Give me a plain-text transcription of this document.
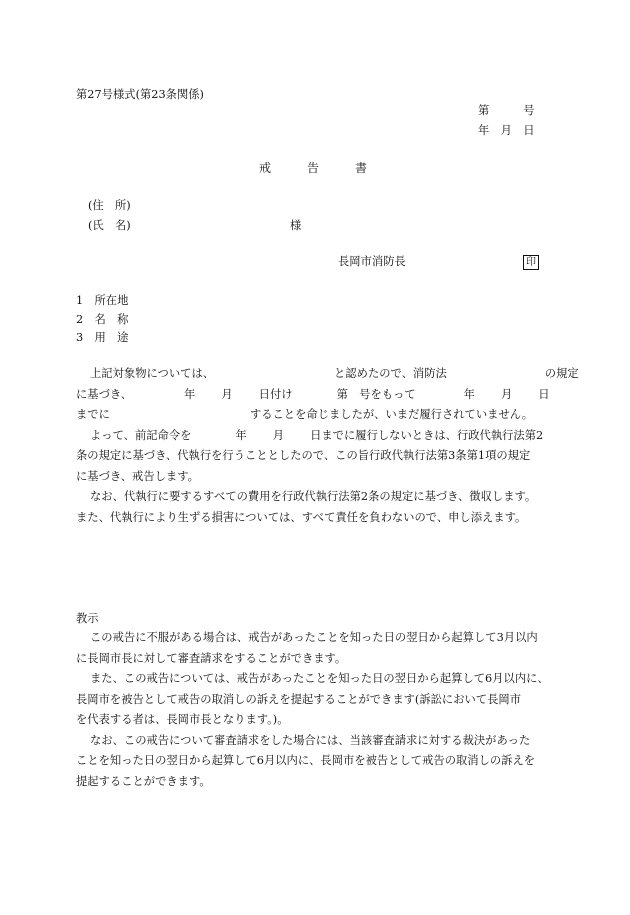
第27号様式(第23条関係)
第　　　号
年　月　日
戒　　　告　　　書
(住　所)
(氏　名)	様
長岡市消防長	印
1　所在地
2　名　称
3　用　途
上記対象物については、	と認めたので、消防法	の規定
に基づき、	年 月 日付け	第　号をもって	年 月 日
までに	することを命じましたが、いまだ履行されていません。
よって、前記命令を	年 月 日までに履行しないときは、行政代執行法第2
条の規定に基づき、代執行を行うこととしたので、この旨行政代執行法第3条第1項の規定
に基づき、戒告します。
なお、代執行に要するすべての費用を行政代執行法第2条の規定に基づき、徴収します。
また、代執行により生ずる損害については、すべて責任を負わないので、申し添えます。
教示
この戒告に不服がある場合は、戒告があったことを知った日の翌日から起算して3月以内
に長岡市長に対して審査請求をすることができます。
また、この戒告については、戒告があったことを知った日の翌日から起算して6月以内に、
長岡市を被告として戒告の取消しの訴えを提起することができます(訴訟において長岡市
を代表する者は、長岡市長となります。)。
なお、この戒告について審査請求をした場合には、当該審査請求に対する裁決があった
ことを知った日の翌日から起算して6月以内に、長岡市を被告として戒告の取消しの訴えを
提起することができます。
